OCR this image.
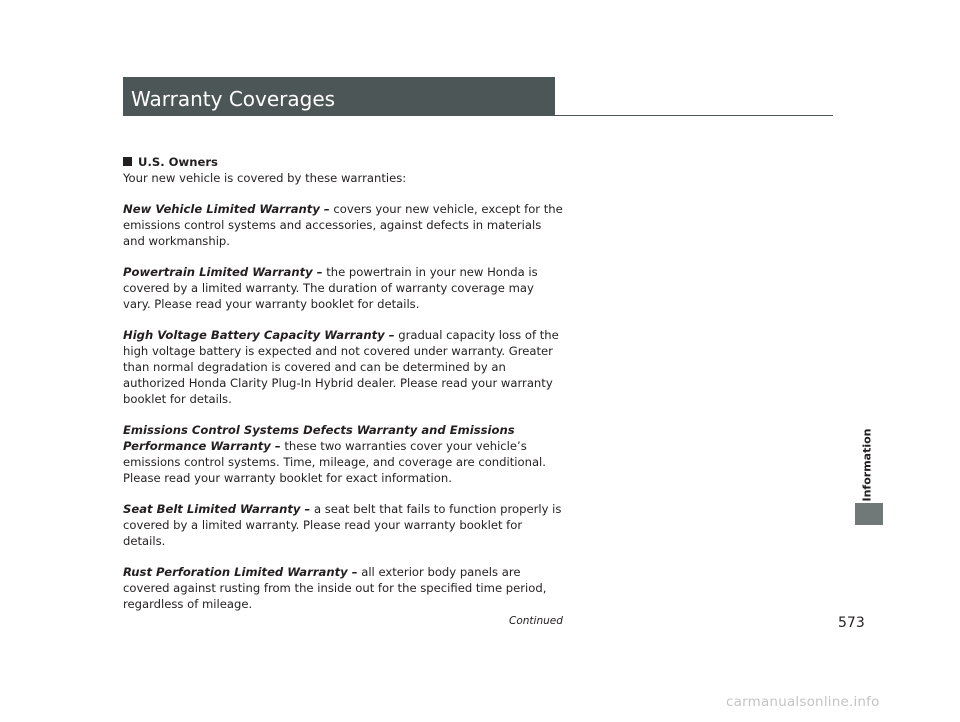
Warranty Coverages
U.S. Owners

Your new vehicle is covered by these warranties:

New Vehicle Limited Warranty – covers your new vehicle, except for the emissions control systems and accessories, against defects in materials and workmanship.

Powertrain Limited Warranty – the powertrain in your new Honda is covered by a limited warranty. The duration of warranty coverage may vary. Please read your warranty booklet for details.

High Voltage Battery Capacity Warranty – gradual capacity loss of the high voltage battery is expected and not covered under warranty. Greater than normal degradation is covered and can be determined by an authorized Honda Clarity Plug-In Hybrid dealer. Please read your warranty booklet for details.

Emissions Control Systems Defects Warranty and Emissions Performance Warranty – these two warranties cover your vehicle’s emissions control systems. Time, mileage, and coverage are conditional. Please read your warranty booklet for exact information.

Seat Belt Limited Warranty – a seat belt that fails to function properly is covered by a limited warranty. Please read your warranty booklet for details.

Rust Perforation Limited Warranty – all exterior body panels are covered against rusting from the inside out for the specified time period, regardless of mileage.

Information
Continued	573
carmanualsonline.info
